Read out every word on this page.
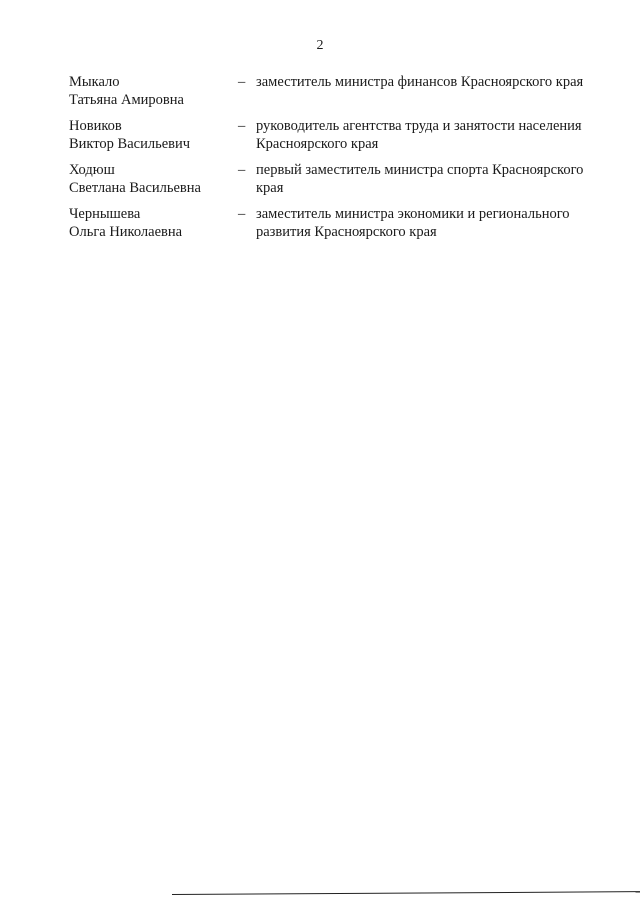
2
Мыкало
Татьяна Амировна
– заместитель министра финансов Красноярского края
Новиков
Виктор Васильевич
– руководитель агентства труда и занятости населения Красноярского края
Ходюш
Светлана Васильевна
– первый заместитель министра спорта Красноярского края
Чернышева
Ольга Николаевна
– заместитель министра экономики и регионального развития Красноярского края
